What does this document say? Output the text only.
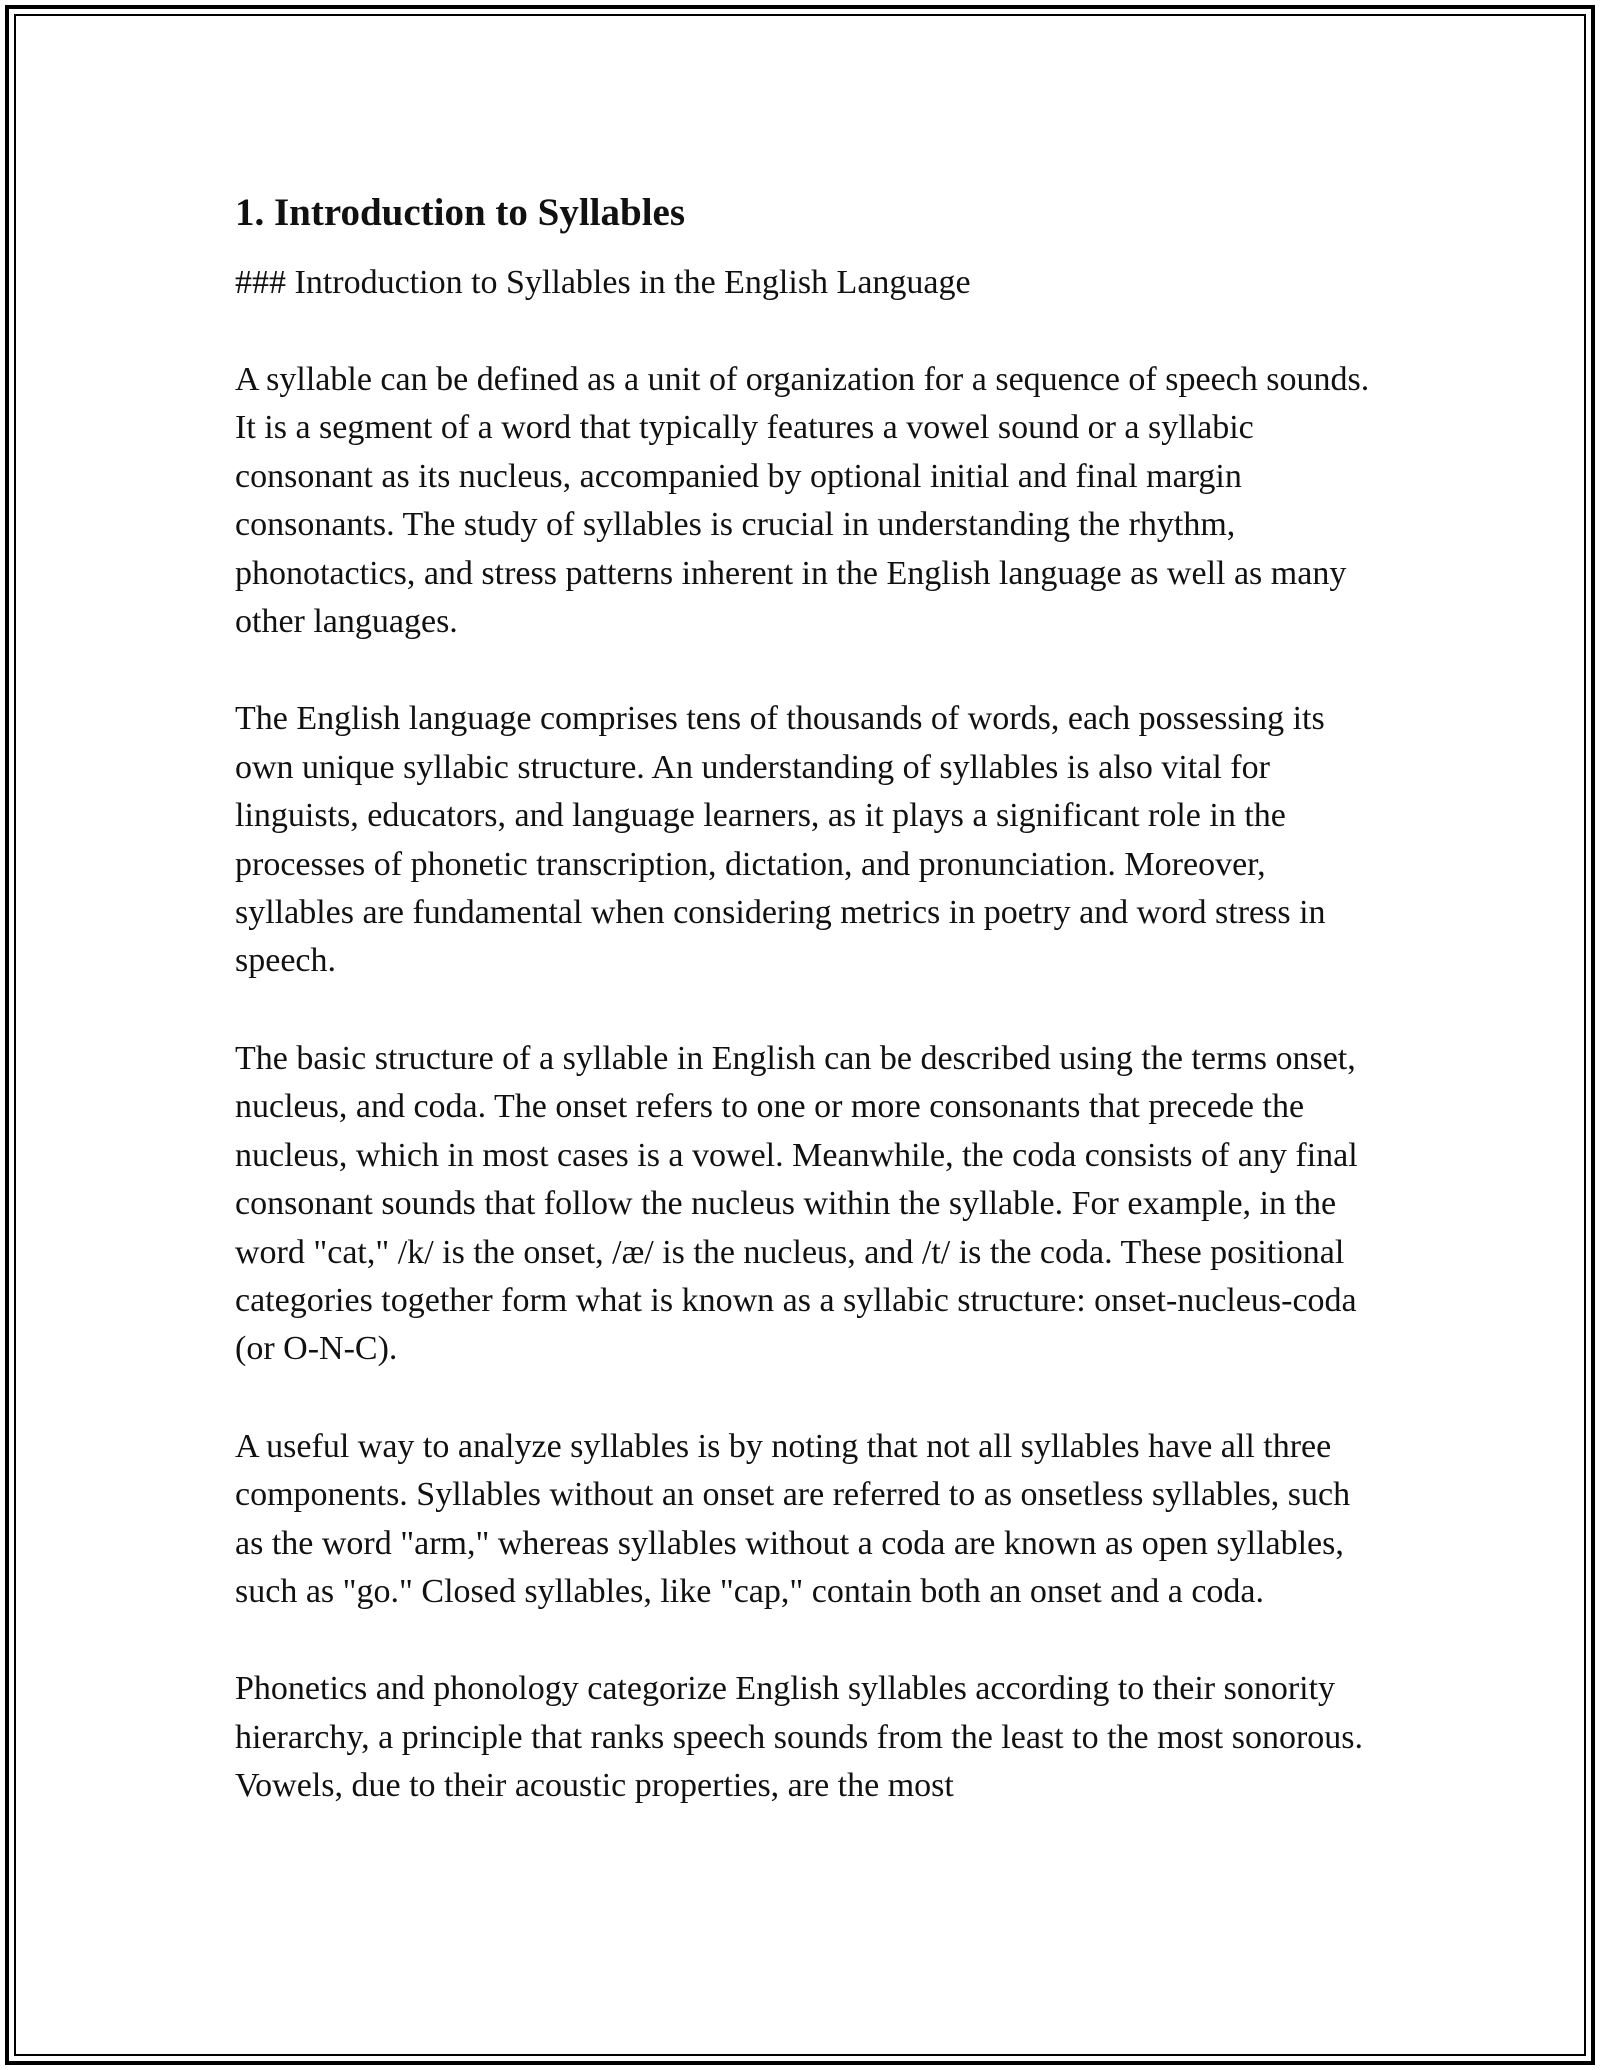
1. Introduction to Syllables

### Introduction to Syllables in the English Language

A syllable can be defined as a unit of organization for a sequence of speech sounds. It is a segment of a word that typically features a vowel sound or a syllabic consonant as its nucleus, accompanied by optional initial and final margin consonants. The study of syllables is crucial in understanding the rhythm, phonotactics, and stress patterns inherent in the English language as well as many other languages.

The English language comprises tens of thousands of words, each possessing its own unique syllabic structure. An understanding of syllables is also vital for linguists, educators, and language learners, as it plays a significant role in the processes of phonetic transcription, dictation, and pronunciation. Moreover, syllables are fundamental when considering metrics in poetry and word stress in speech.

The basic structure of a syllable in English can be described using the terms onset, nucleus, and coda. The onset refers to one or more consonants that precede the nucleus, which in most cases is a vowel. Meanwhile, the coda consists of any final consonant sounds that follow the nucleus within the syllable. For example, in the word "cat," /k/ is the onset, /æ/ is the nucleus, and /t/ is the coda. These positional categories together form what is known as a syllabic structure: onset-nucleus-coda (or O-N-C).

A useful way to analyze syllables is by noting that not all syllables have all three components. Syllables without an onset are referred to as onsetless syllables, such as the word "arm," whereas syllables without a coda are known as open syllables, such as "go." Closed syllables, like "cap," contain both an onset and a coda.

Phonetics and phonology categorize English syllables according to their sonority hierarchy, a principle that ranks speech sounds from the least to the most sonorous. Vowels, due to their acoustic properties, are the most
